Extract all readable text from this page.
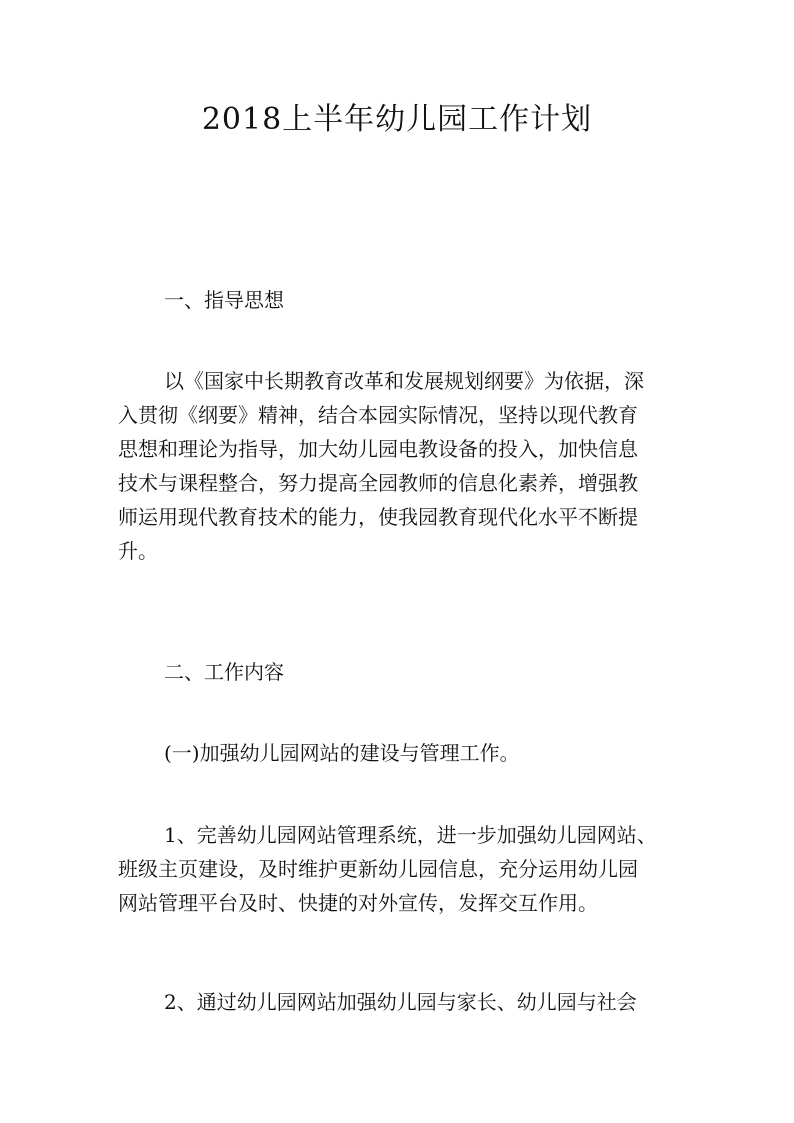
2018上半年幼儿园工作计划

一、指导思想

以《国家中长期教育改革和发展规划纲要》为依据，深
入贯彻《纲要》精神，结合本园实际情况，坚持以现代教育
思想和理论为指导，加大幼儿园电教设备的投入，加快信息
技术与课程整合，努力提高全园教师的信息化素养，增强教
师运用现代教育技术的能力，使我园教育现代化水平不断提
升。

二、工作内容

(一)加强幼儿园网站的建设与管理工作。

1、完善幼儿园网站管理系统，进一步加强幼儿园网站、
班级主页建设，及时维护更新幼儿园信息，充分运用幼儿园
网站管理平台及时、快捷的对外宣传，发挥交互作用。
2、通过幼儿园网站加强幼儿园与家长、幼儿园与社会
